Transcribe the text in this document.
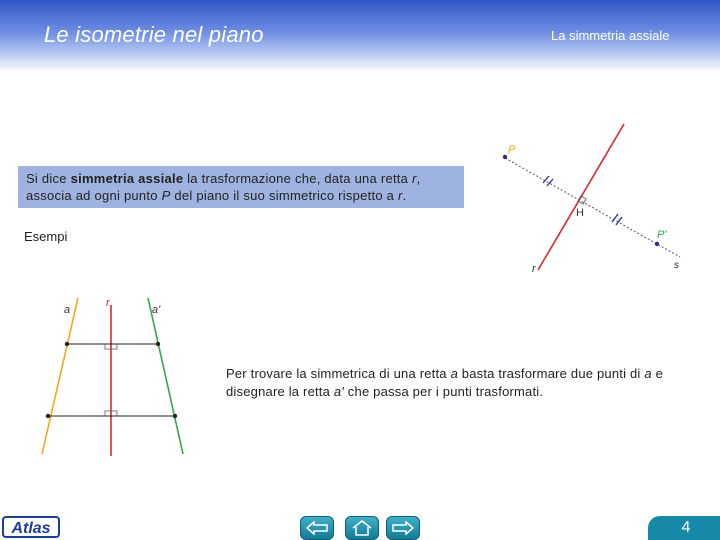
Le isometrie nel piano	La simmetria assiale
P
P'
H
r	s
Si dice simmetria assiale la trasformazione che, data una retta r, associa ad ogni punto P del piano il suo simmetrico rispetto a r.
Esempi
a
r
a'
Per trovare la simmetrica di una retta a basta trasformare due punti di a e disegnare la retta a' che passa per i punti trasformati.
Atlas	4
